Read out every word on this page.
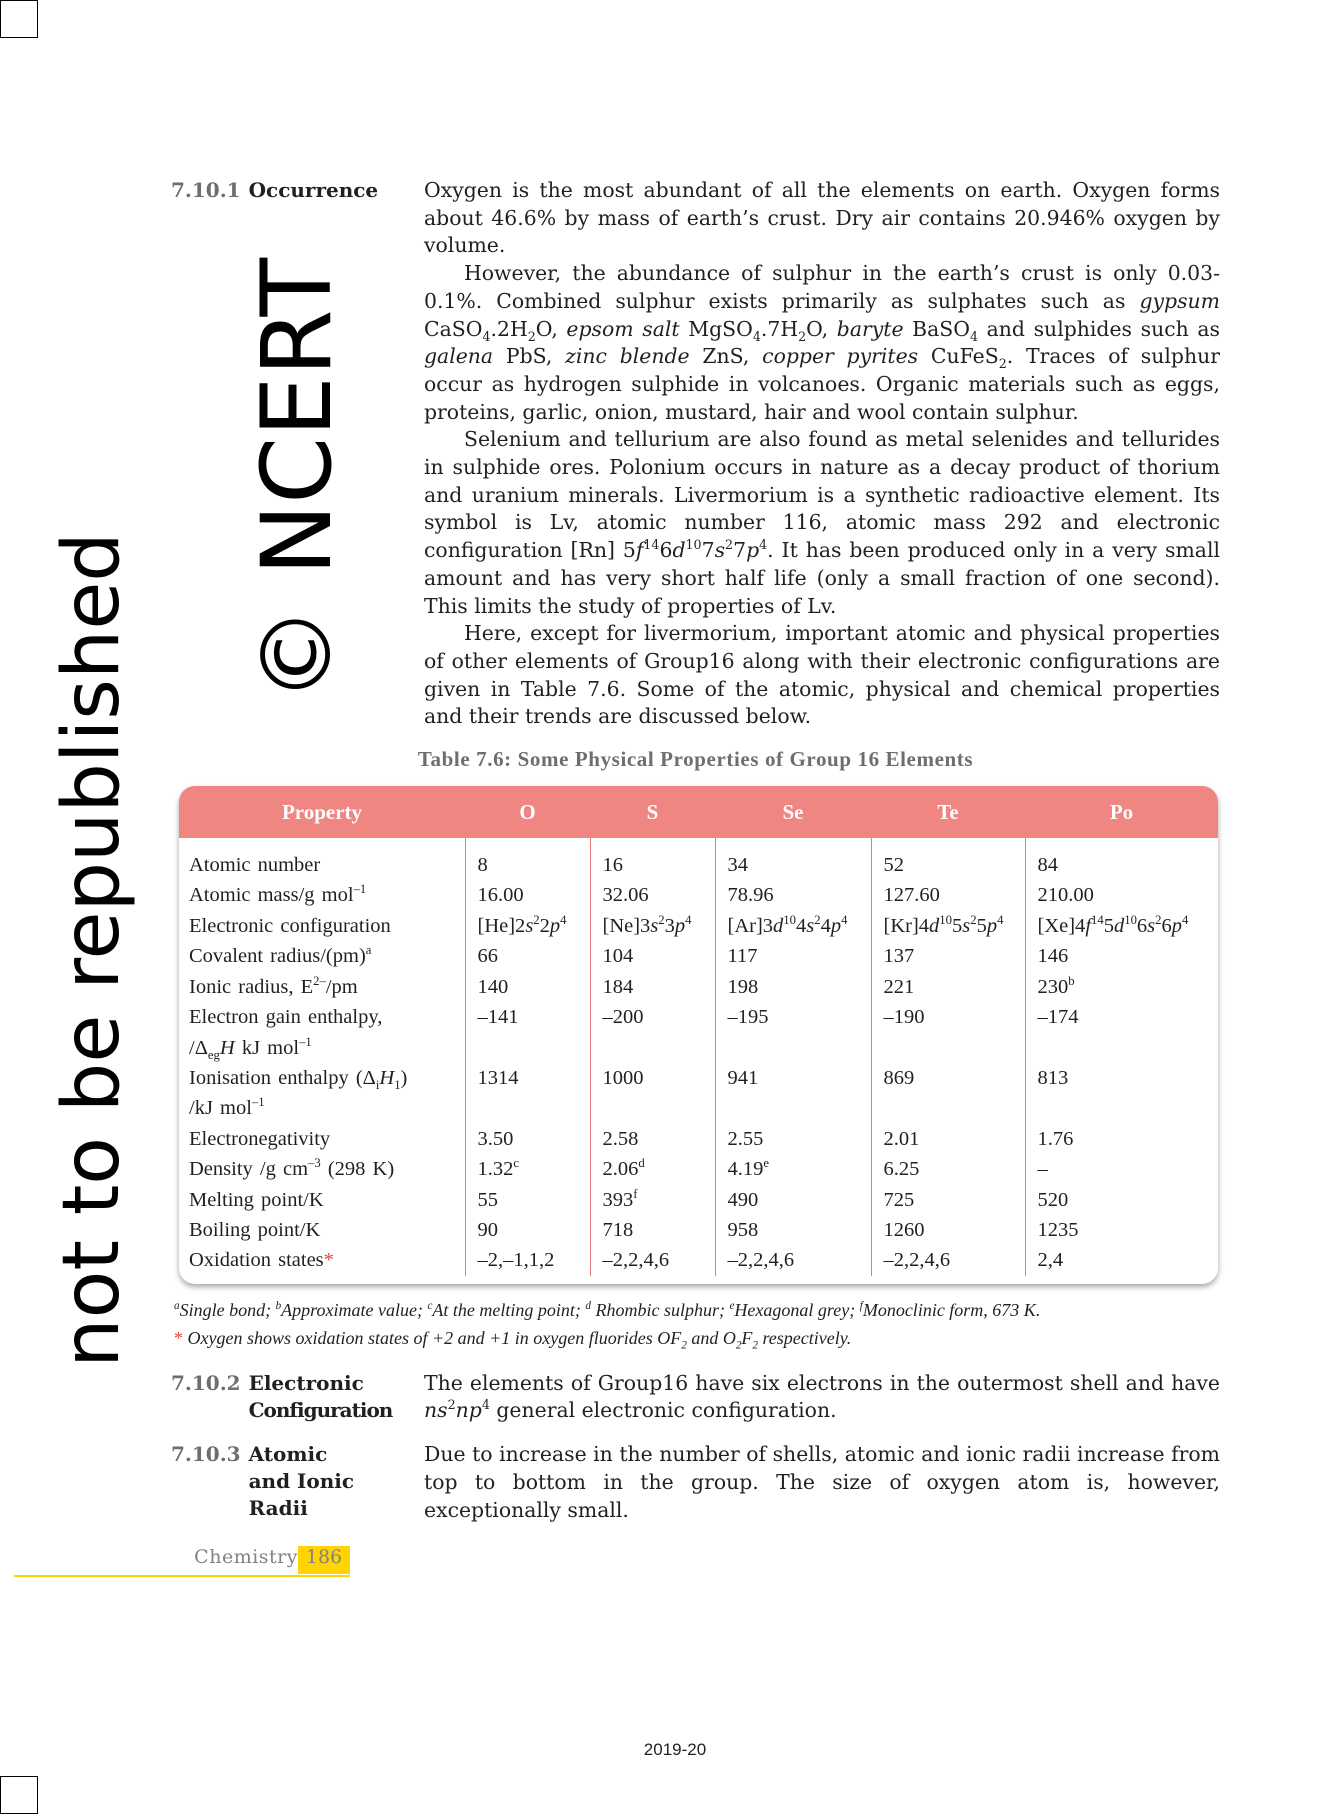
7.10.1 Occurrence	Oxygen is the most abundant of all the elements on earth. Oxygen forms about 46.6% by mass of earth’s crust. Dry air contains 20.946% oxygen by volume.

However, the abundance of sulphur in the earth’s crust is only 0.03-0.1%. Combined sulphur exists primarily as sulphates such as gypsum $CaSO_4.2H_2O$, epsom salt $MgSO_4.7H_2O$, baryte BaSO$_4$ and sulphides such as galena PbS, zinc blende ZnS, copper pyrites CuFeS$_2$. Traces of sulphur occur as hydrogen sulphide in volcanoes. Organic materials such as eggs, proteins, garlic, onion, mustard, hair and wool contain sulphur.

Selenium and tellurium are also found as metal selenides and tellurides in sulphide ores. Polonium occurs in nature as a decay product of thorium and uranium minerals. Livermorium is a synthetic radioactive element. Its symbol is Lv, atomic number 116, atomic mass 292 and electronic configuration [Rn] $5f^{14}6d^{10}7s^27p^4$. It has been produced only in a very small amount and has very short half life (only a small fraction of one second). This limits the study of properties of Lv.

Here, except for livermorium, important atomic and physical properties of other elements of Group16 along with their electronic configurations are given in Table 7.6. Some of the atomic, physical and chemical properties and their trends are discussed below.

Table 7.6: Some Physical Properties of Group 16 Elements
Property	O	S	Se	Te	Po
Atomic number	8	16	34	52	84
Atomic mass/g mol$^{-1}$	16.00	32.06	78.96	127.60	210.00
Electronic configuration	$[He]2s^22p^4$	$[Ne]3s^23p^4$	$[Ar]3d^{10}4s^24p^4$	$[Kr]4d^{10}5s^25p^4$	$[Xe]4f^{14}5d^{10}6s^26p^4$
Covalent radius/(pm)$^a$	66	104	117	137	146
Ionic radius, $E^{2-}/pm$	140	184	198	221	230$^b$
Electron gain enthalpy,
$/\Delta_{eg}H$ kJ mol$^{-1}$	–141	–200	–195	–190	–174
Ionisation enthalpy $(\Delta_iH_1)$
/kJ mol$^{-1}$	1314	1000	941	869	813
Electronegativity	3.50	2.58	2.55	2.01	1.76
Density /g $cm^{-3}$ (298 K)	1.32$^c$	2.06$^d$	4.19e	6.25	–
Melting point/K	55	393$^f$	490	725	520
Boiling point/K	90	718	958	1260	1235
Oxidation states*	–2,–1,1,2	–2,2,4,6	–2,2,4,6	–2,2,4,6	2,4
$^a$Single bond; $^b$Approximate value; $^c$At the melting point; $^d$ Rhombic sulphur; $^e$Hexagonal grey; $^f$Monoclinic form, 673 K.
* Oxygen shows oxidation states of +2 and +1 in oxygen fluorides $OF_2$ and $O_2F_2$ respectively.
7.10.2 Electronic
Configuration

The elements of Group16 have six electrons in the outermost shell and have $ns^2np^4$ general electronic configuration.

7.10.3 Atomic
and Ionic
Radii

Due to increase in the number of shells, atomic and ionic radii increase from top to bottom in the group. The size of oxygen atom is, however, exceptionally small.

Chemistry 186
2019-20
© NCERT
not to be republished
